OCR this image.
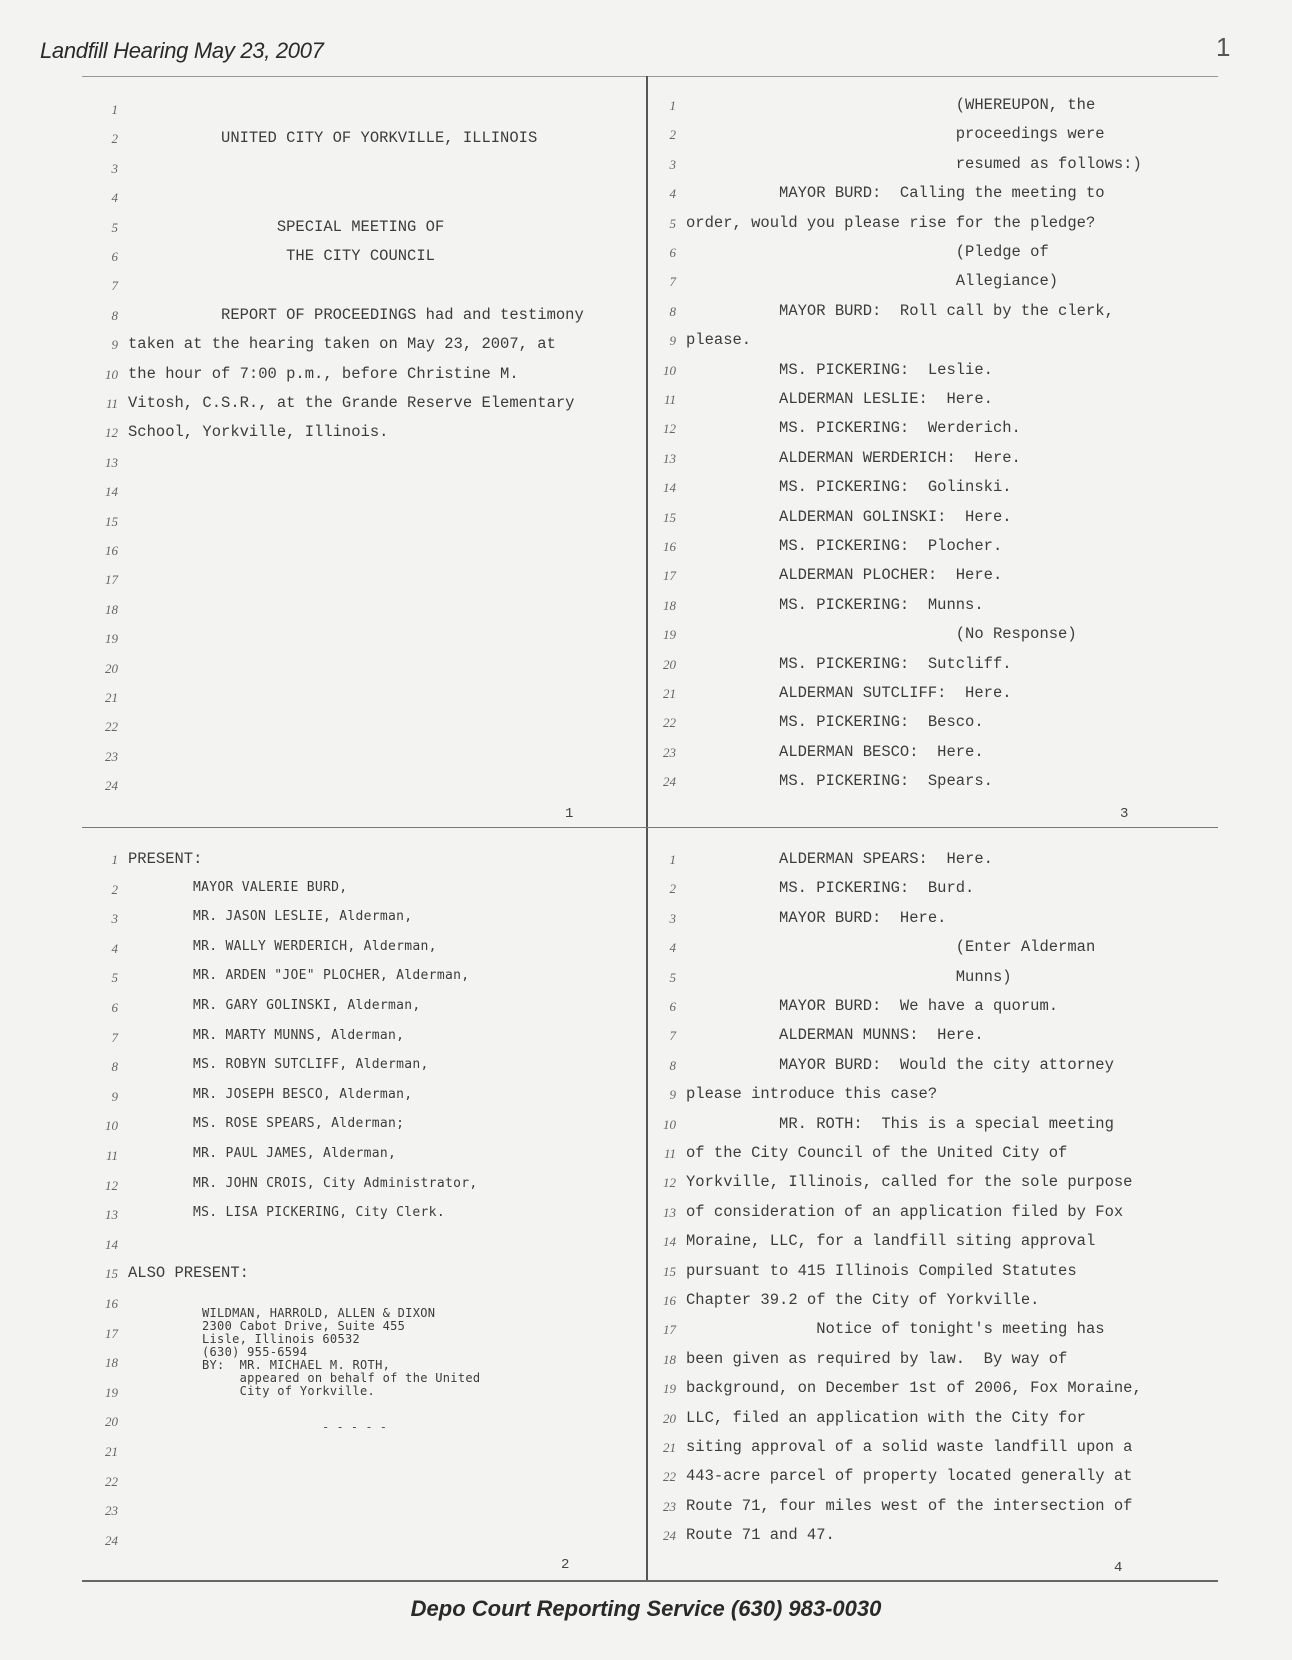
Landfill Hearing May 23, 2007	1
1
2 UNITED CITY OF YORKVILLE, ILLINOIS
3
4
5 SPECIAL MEETING OF
6 THE CITY COUNCIL
7
8 REPORT OF PROCEEDINGS had and testimony
9 taken at the hearing taken on May 23, 2007, at
10 the hour of 7:00 p.m., before Christine M.
11 Vitosh, C.S.R., at the Grande Reserve Elementary
12 School, Yorkville, Illinois.
13
14
15
16
17
18
19
20
21
22
23
24
1 (WHEREUPON, the
2 proceedings were
3 resumed as follows:)
4 MAYOR BURD:  Calling the meeting to
5 order, would you please rise for the pledge?
6 (Pledge of
7 Allegiance)
8 MAYOR BURD:  Roll call by the clerk,
9 please.
10 MS. PICKERING:  Leslie.
11 ALDERMAN LESLIE:  Here.
12 MS. PICKERING:  Werderich.
13 ALDERMAN WERDERICH:  Here.
14 MS. PICKERING:  Golinski.
15 ALDERMAN GOLINSKI:  Here.
16 MS. PICKERING:  Plocher.
17 ALDERMAN PLOCHER:  Here.
18 MS. PICKERING:  Munns.
19 (No Response)
20 MS. PICKERING:  Sutcliff.
21 ALDERMAN SUTCLIFF:  Here.
22 MS. PICKERING:  Besco.
23 ALDERMAN BESCO:  Here.
24 MS. PICKERING:  Spears.
1 PRESENT:
2 MAYOR VALERIE BURD,
3 MR. JASON LESLIE, Alderman,
4 MR. WALLY WERDERICH, Alderman,
5 MR. ARDEN "JOE" PLOCHER, Alderman,
6 MR. GARY GOLINSKI, Alderman,
7 MR. MARTY MUNNS, Alderman,
8 MS. ROBYN SUTCLIFF, Alderman,
9 MR. JOSEPH BESCO, Alderman,
10 MS. ROSE SPEARS, Alderman;
11 MR. PAUL JAMES, Alderman,
12 MR. JOHN CROIS, City Administrator,
13 MS. LISA PICKERING, City Clerk.
14
15 ALSO PRESENT:
16
17
18
19
20
21
22
23
24
1 ALDERMAN SPEARS:  Here.
2 MS. PICKERING:  Burd.
3 MAYOR BURD:  Here.
4 (Enter Alderman
5 Munns)
6 MAYOR BURD:  We have a quorum.
7 ALDERMAN MUNNS:  Here.
8 MAYOR BURD:  Would the city attorney
9 please introduce this case?
10 MR. ROTH:  This is a special meeting
11 of the City Council of the United City of
12 Yorkville, Illinois, called for the sole purpose
13 of consideration of an application filed by Fox
14 Moraine, LLC, for a landfill siting approval
15 pursuant to 415 Illinois Compiled Statutes
16 Chapter 39.2 of the City of Yorkville.
17 Notice of tonight's meeting has
18 been given as required by law.  By way of
19 background, on December 1st of 2006, Fox Moraine,
20 LLC, filed an application with the City for
21 siting approval of a solid waste landfill upon a
22 443-acre parcel of property located generally at
23 Route 71, four miles west of the intersection of
24 Route 71 and 47.
1	3
2	4
WILDMAN, HARROLD, ALLEN & DIXON
2300 Cabot Drive, Suite 455
Lisle, Illinois 60532
(630) 955-6594
BY:  MR. MICHAEL M. ROTH,
appeared on behalf of the United
City of Yorkville.
- - - - -
Depo Court Reporting Service (630) 983-0030
